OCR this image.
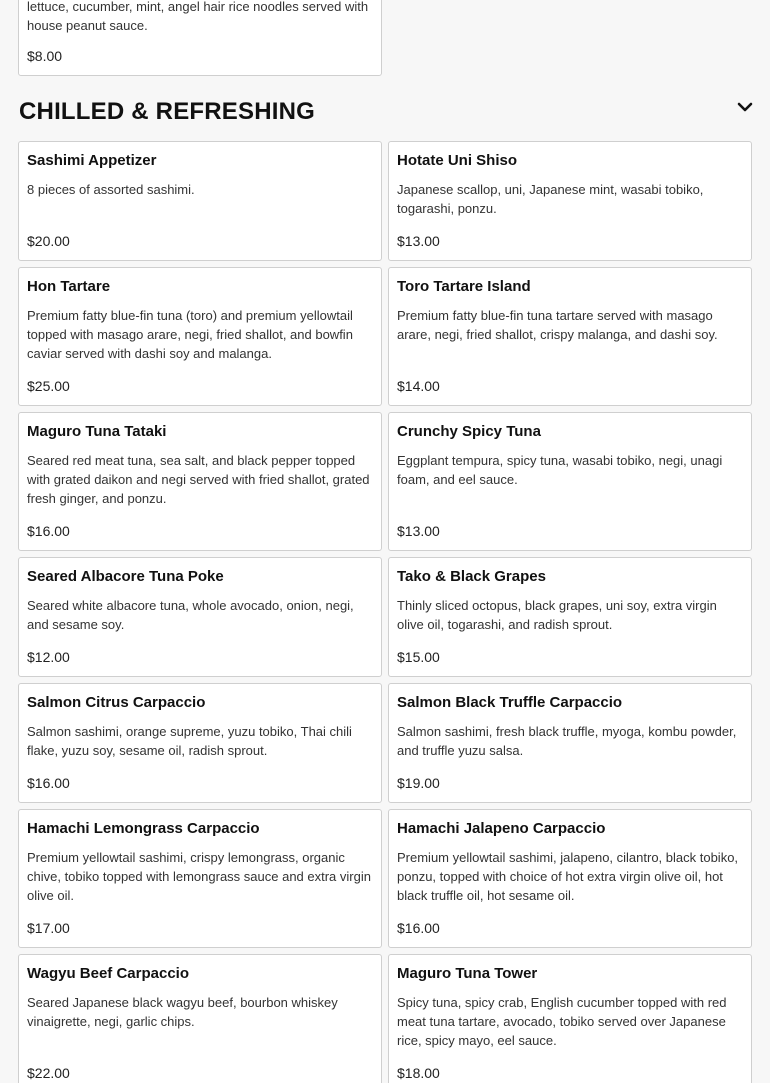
lettuce, cucumber, mint, angel hair rice noodles served with house peanut sauce.
$8.00
CHILLED & REFRESHING
Sashimi Appetizer
8 pieces of assorted sashimi.
$20.00
Hotate Uni Shiso
Japanese scallop, uni, Japanese mint, wasabi tobiko, togarashi, ponzu.
$13.00
Hon Tartare
Premium fatty blue-fin tuna (toro) and premium yellowtail topped with masago arare, negi, fried shallot, and bowfin caviar served with dashi soy and malanga.
$25.00
Toro Tartare Island
Premium fatty blue-fin tuna tartare served with masago arare, negi, fried shallot, crispy malanga, and dashi soy.
$14.00
Maguro Tuna Tataki
Seared red meat tuna, sea salt, and black pepper topped with grated daikon and negi served with fried shallot, grated fresh ginger, and ponzu.
$16.00
Crunchy Spicy Tuna
Eggplant tempura, spicy tuna, wasabi tobiko, negi, unagi foam, and eel sauce.
$13.00
Seared Albacore Tuna Poke
Seared white albacore tuna, whole avocado, onion, negi, and sesame soy.
$12.00
Tako & Black Grapes
Thinly sliced octopus, black grapes, uni soy, extra virgin olive oil, togarashi, and radish sprout.
$15.00
Salmon Citrus Carpaccio
Salmon sashimi, orange supreme, yuzu tobiko, Thai chili flake, yuzu soy, sesame oil, radish sprout.
$16.00
Salmon Black Truffle Carpaccio
Salmon sashimi, fresh black truffle, myoga, kombu powder, and truffle yuzu salsa.
$19.00
Hamachi Lemongrass Carpaccio
Premium yellowtail sashimi, crispy lemongrass, organic chive, tobiko topped with lemongrass sauce and extra virgin olive oil.
$17.00
Hamachi Jalapeno Carpaccio
Premium yellowtail sashimi, jalapeno, cilantro, black tobiko, ponzu, topped with choice of hot extra virgin olive oil, hot black truffle oil, hot sesame oil.
$16.00
Wagyu Beef Carpaccio
Seared Japanese black wagyu beef, bourbon whiskey vinaigrette, negi, garlic chips.
$22.00
Maguro Tuna Tower
Spicy tuna, spicy crab, English cucumber topped with red meat tuna tartare, avocado, tobiko served over Japanese rice, spicy mayo, eel sauce.
$18.00
